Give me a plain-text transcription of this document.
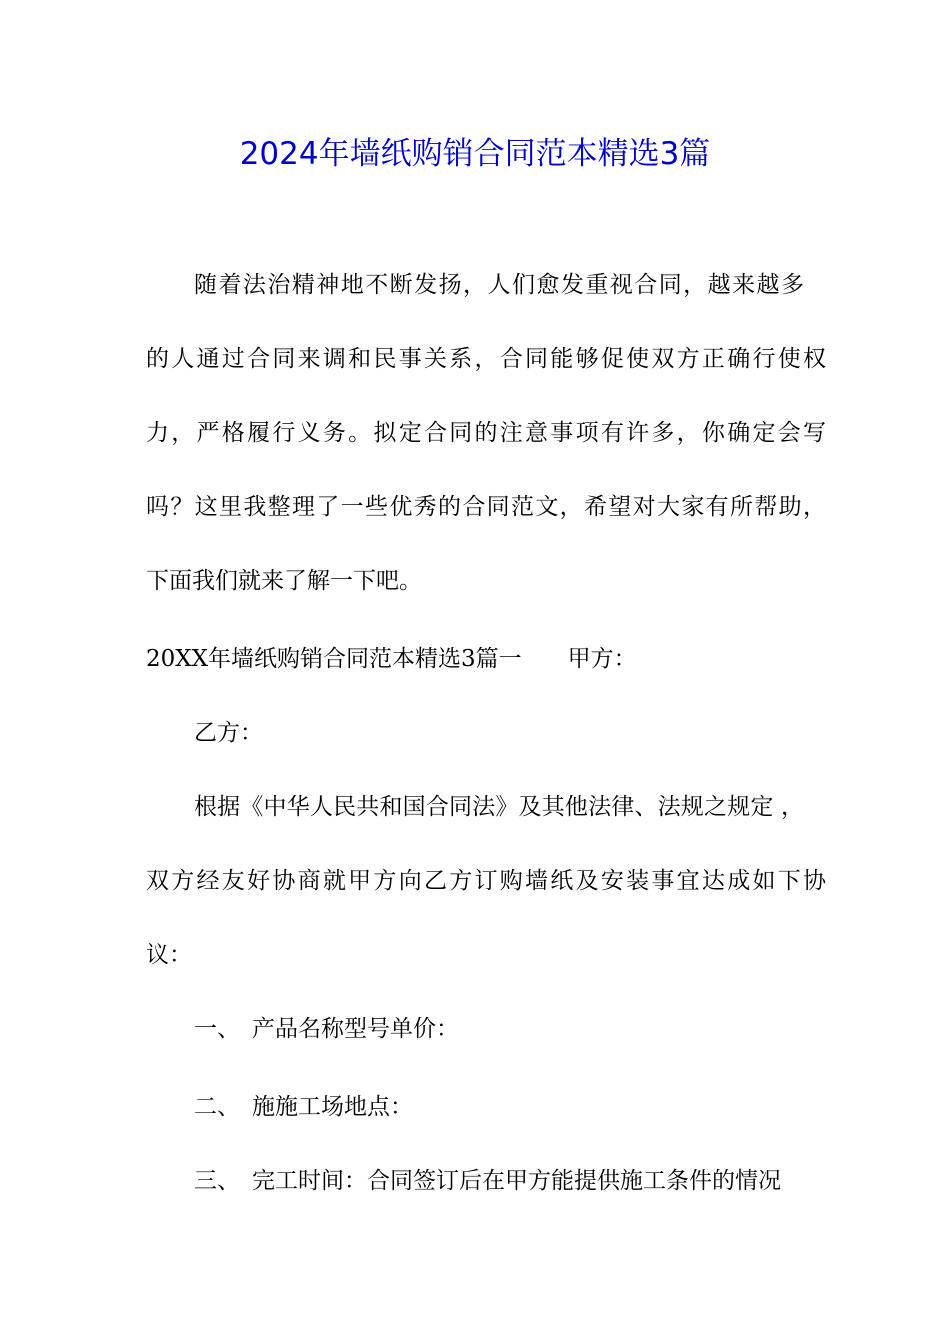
2024年墙纸购销合同范本精选3篇

随着法治精神地不断发扬，人们愈发重视合同，越来越多

的人通过合同来调和民事关系，合同能够促使双方正确行使权

力，严格履行义务。拟定合同的注意事项有许多，你确定会写

吗？这里我整理了一些优秀的合同范文，希望对大家有所帮助，

下面我们就来了解一下吧。

20XX年墙纸购销合同范本精选3篇一 甲方：

乙方：

根据《中华人民共和国合同法》及其他法律、法规之规定 ，

双方经友好协商就甲方向乙方订购墙纸及安装事宜达成如下协

议：

一、 产品名称型号单价：

二、 施施工场地点：

三、 完工时间：合同签订后在甲方能提供施工条件的情况
